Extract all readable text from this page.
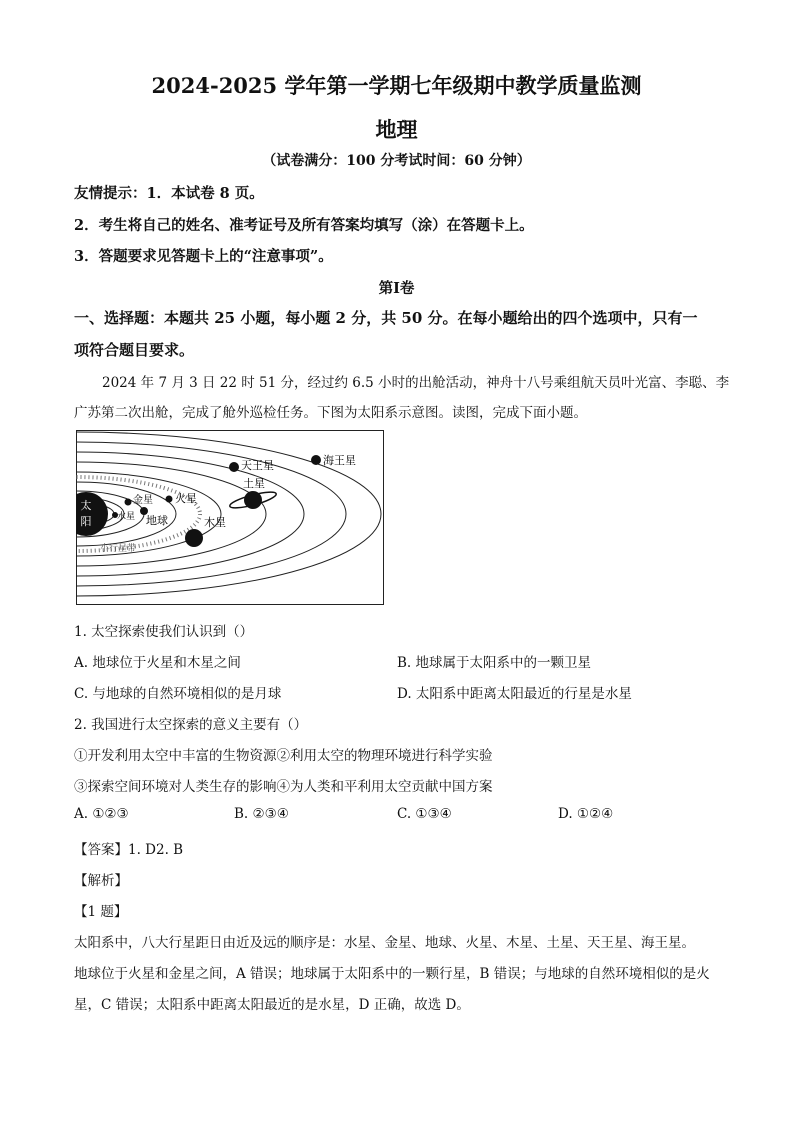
2024-2025 学年第一学期七年级期中教学质量监测
地理
（试卷满分：100 分考试时间：60 分钟）
友情提示：1．本试卷 8 页。
2．考生将自己的姓名、准考证号及所有答案均填写（涂）在答题卡上。
3．答题要求见答题卡上的“注意事项”。
第Ⅰ卷
一、选择题：本题共 25 小题，每小题 2 分，共 50 分。在每小题给出的四个选项中，只有一
项符合题目要求。
2024 年 7 月 3 日 22 时 51 分，经过约 6.5 小时的出舱活动，神舟十八号乘组航天员叶光富、李聪、李
广苏第二次出舱，完成了舱外巡检任务。下图为太阳系示意图。读图，完成下面小题。
太
阳	水星
金星
地球
火星
木星
土星
天王星	海王星
小行星带
1. 太空探索使我们认识到（）
A. 地球位于火星和木星之间	B. 地球属于太阳系中的一颗卫星
C. 与地球的自然环境相似的是月球	D. 太阳系中距离太阳最近的行星是水星
2. 我国进行太空探索的意义主要有（）
①开发利用太空中丰富的生物资源②利用太空的物理环境进行科学实验
③探索空间环境对人类生存的影响④为人类和平利用太空贡献中国方案
A. ①②③	B. ②③④	C. ①③④	D. ①②④
【答案】1. D2. B
【解析】
【1 题】
太阳系中，八大行星距日由近及远的顺序是：水星、金星、地球、火星、木星、土星、天王星、海王星。
地球位于火星和金星之间，A 错误；地球属于太阳系中的一颗行星，B 错误；与地球的自然环境相似的是火
星，C 错误；太阳系中距离太阳最近的是水星，D 正确，故选 D。
